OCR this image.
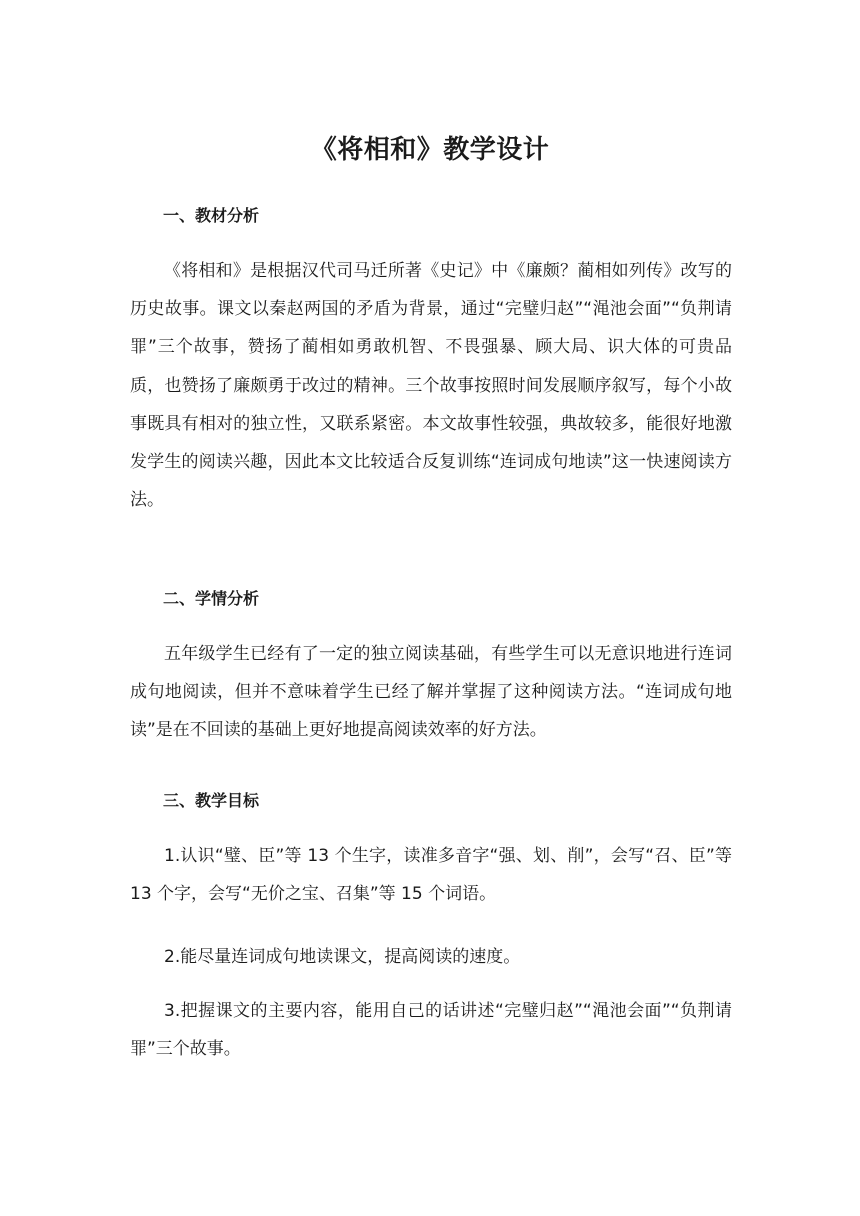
《将相和》教学设计
一、教材分析

《将相和》是根据汉代司马迁所著《史记》中《廉颇？蔺相如列传》改写的历史故事。课文以秦赵两国的矛盾为背景，通过“完璧归赵”“渑池会面”“负荆请罪”三个故事，赞扬了蔺相如勇敢机智、不畏强暴、顾大局、识大体的可贵品质，也赞扬了廉颇勇于改过的精神。三个故事按照时间发展顺序叙写，每个小故事既具有相对的独立性，又联系紧密。本文故事性较强，典故较多，能很好地激发学生的阅读兴趣，因此本文比较适合反复训练“连词成句地读”这一快速阅读方法。

二、学情分析

五年级学生已经有了一定的独立阅读基础，有些学生可以无意识地进行连词成句地阅读，但并不意味着学生已经了解并掌握了这种阅读方法。“连词成句地读”是在不回读的基础上更好地提高阅读效率的好方法。

三、教学目标

1.认识“璧、臣”等 13 个生字，读准多音字“强、划、削”，会写“召、臣”等 13 个字，会写“无价之宝、召集”等 15 个词语。

2.能尽量连词成句地读课文，提高阅读的速度。

3.把握课文的主要内容，能用自己的话讲述“完璧归赵”“渑池会面”“负荆请罪”三个故事。
